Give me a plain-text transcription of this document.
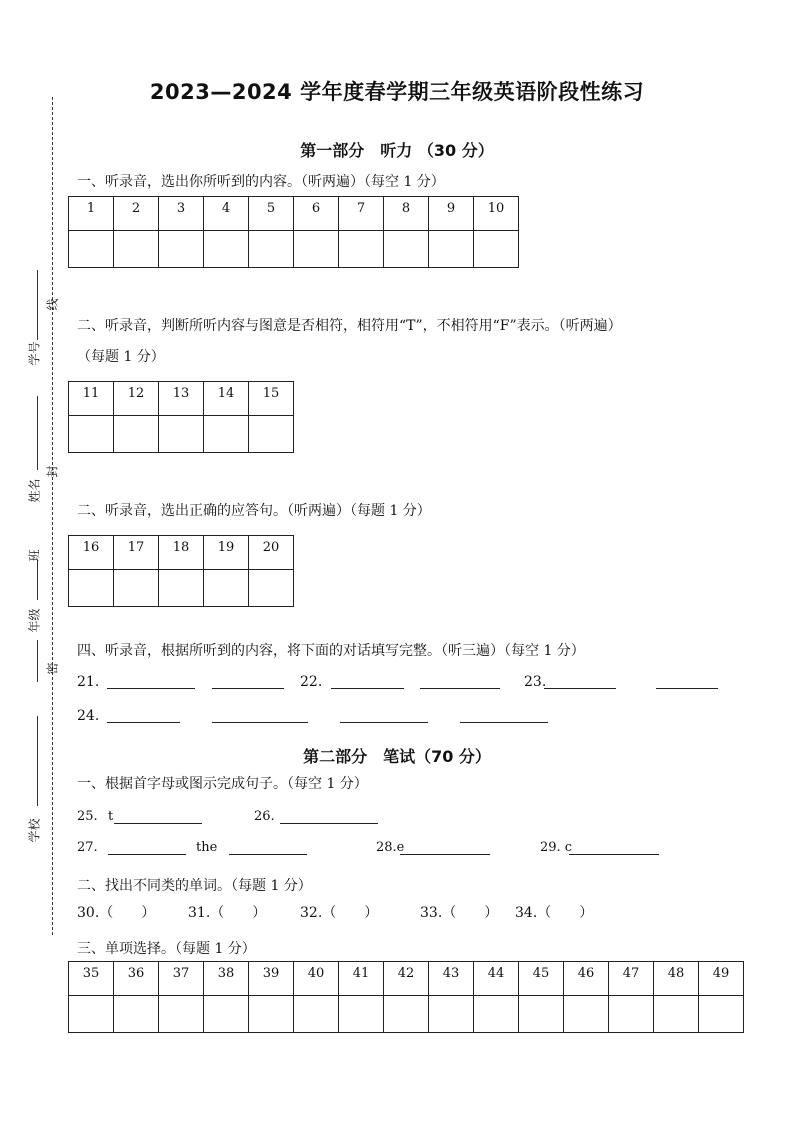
线
学号
封
姓名
班
年级
密
学校
2023—2024 学年度春学期三年级英语阶段性练习
第一部分　听力 （30 分）
一、听录音，选出你所听到的内容。（听两遍）（每空 1 分）
1	2	3	4	5	6	7	8	9	10

二、听录音，判断所听内容与图意是否相符，相符用“T”，不相符用“F”表示。（听两遍）
（每题 1 分）
11	12	13	14	15

二、听录音，选出正确的应答句。（听两遍）（每题 1 分）
16	17	18	19	20

四、听录音，根据所听到的内容，将下面的对话填写完整。（听三遍）（每空 1 分）
21.	22.	23.
24.
第二部分　笔试（70 分）
一、根据首字母或图示完成句子。（每空 1 分）
25. t	26.
27.	the	28.e	29. c
二、找出不同类的单词。（每题 1 分）
30.（　　） 31.（　　） 32.（　　）	33.（　　） 34.（　　）
三、单项选择。（每题 1 分）
35	36	37	38	39	40	41	42	43	44	45	46	47	48	49
